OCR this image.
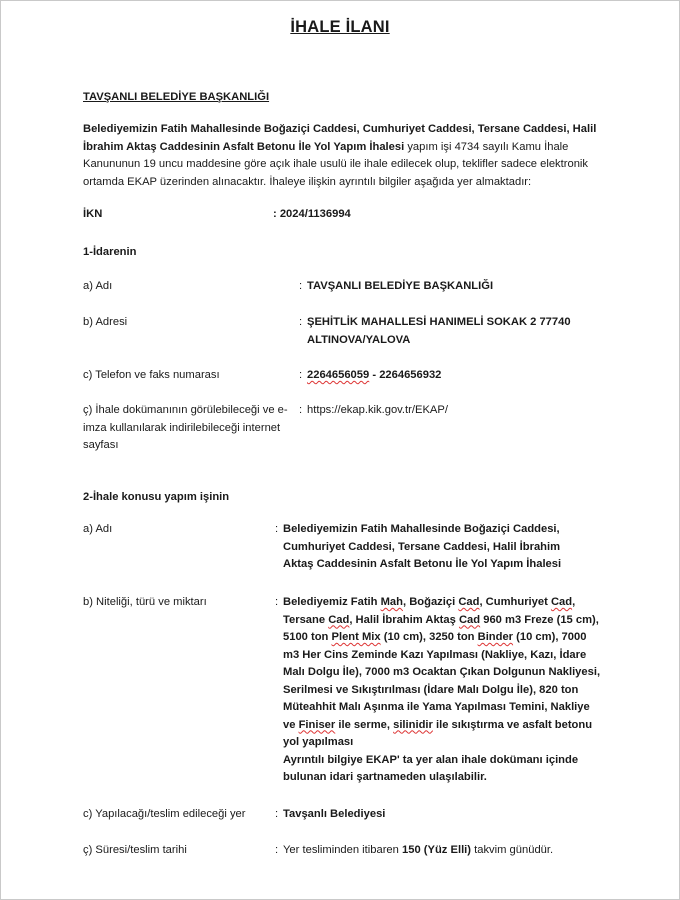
İHALE İLANI
TAVŞANLI BELEDİYE BAŞKANLIĞI
Belediyemizin Fatih Mahallesinde Boğaziçi Caddesi, Cumhuriyet Caddesi, Tersane Caddesi, Halil İbrahim Aktaş Caddesinin Asfalt Betonu İle Yol Yapım İhalesi yapım işi 4734 sayılı Kamu İhale Kanununun 19 uncu maddesine göre açık ihale usulü ile ihale edilecek olup, teklifler sadece elektronik ortamda EKAP üzerinden alınacaktır. İhaleye ilişkin ayrıntılı bilgiler aşağıda yer almaktadır:
İKN	: 2024/1136994
1-İdarenin
a) Adı	: TAVŞANLI BELEDİYE BAŞKANLIĞI
b) Adresi	: ŞEHİTLİK MAHALLESİ HANIMELİ SOKAK 2 77740
ALTINOVA/YALOVA
c) Telefon ve faks numarası	: 2264656059 - 2264656932
ç) İhale dokümanının görülebileceği ve e-imza kullanılarak indirilebileceği internet sayfası
: https://ekap.kik.gov.tr/EKAP/
2-İhale konusu yapım işinin
a) Adı	: Belediyemizin Fatih Mahallesinde Boğaziçi Caddesi, Cumhuriyet Caddesi, Tersane Caddesi, Halil İbrahim Aktaş Caddesinin Asfalt Betonu İle Yol Yapım İhalesi
b) Niteliği, türü ve miktarı	: Belediyemiz Fatih Mah, Boğaziçi Cad, Cumhuriyet Cad, Tersane Cad, Halil İbrahim Aktaş Cad 960 m3 Freze (15 cm), 5100 ton Plent Mix (10 cm), 3250 ton Binder (10 cm), 7000 m3 Her Cins Zeminde Kazı Yapılması (Nakliye, Kazı, İdare Malı Dolgu İle), 7000 m3 Ocaktan Çıkan Dolgunun Nakliyesi, Serilmesi ve Sıkıştırılması (İdare Malı Dolgu İle), 820 ton Müteahhit Malı Aşınma ile Yama Yapılması Temini, Nakliye ve Finiser ile serme, silinidir ile sıkıştırma ve asfalt betonu yol yapılması
Ayrıntılı bilgiye EKAP' ta yer alan ihale dokümanı içinde bulunan idari şartnameden ulaşılabilir.
c) Yapılacağı/teslim edileceği yer	: Tavşanlı Belediyesi
ç) Süresi/teslim tarihi	: Yer tesliminden itibaren 150 (Yüz Elli) takvim günüdür.
